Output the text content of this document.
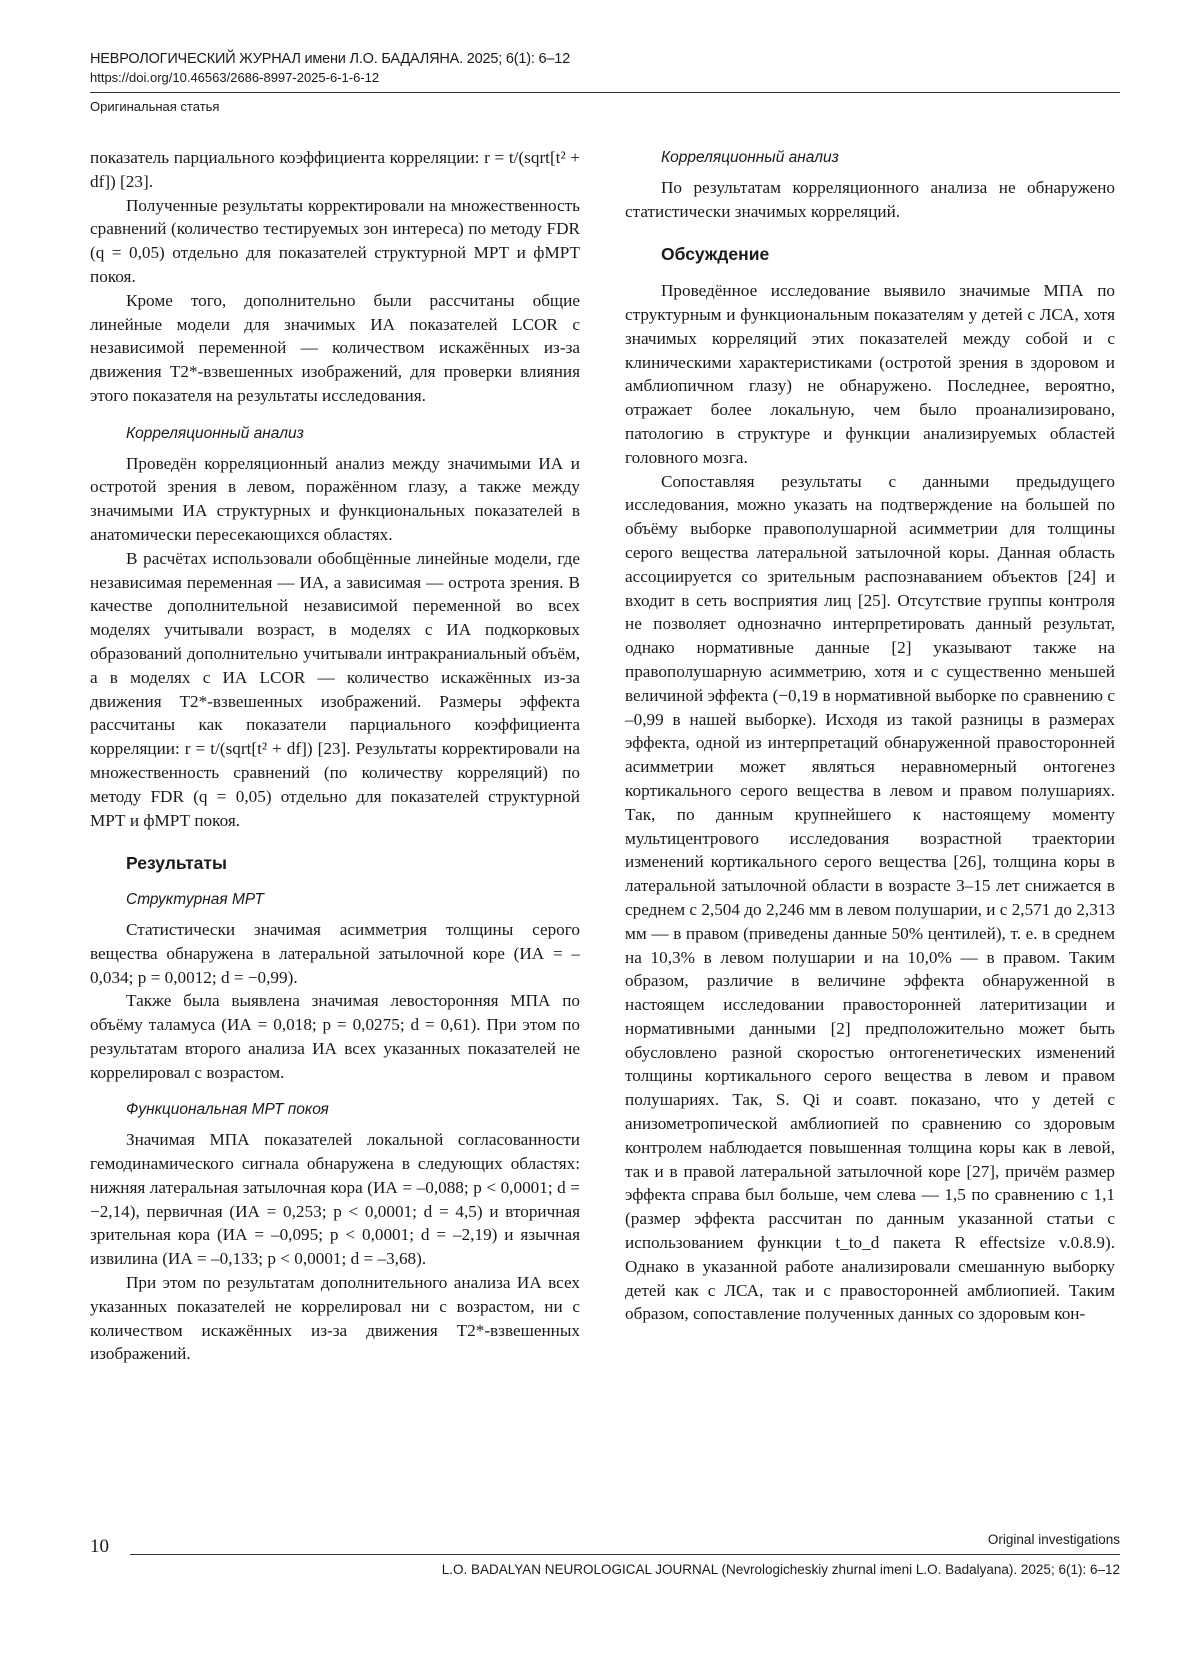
НЕВРОЛОГИЧЕСКИЙ ЖУРНАЛ имени Л.О. БАДАЛЯНА. 2025; 6(1): 6–12
https://doi.org/10.46563/2686-8997-2025-6-1-6-12
Оригинальная статья

показатель парциального коэффициента корреляции: r = t/(sqrt[t² + df]) [23].

Полученные результаты корректировали на множественность сравнений (количество тестируемых зон интереса) по методу FDR (q = 0,05) отдельно для показателей структурной МРТ и фМРТ покоя.

Кроме того, дополнительно были рассчитаны общие линейные модели для значимых ИА показателей LCOR с независимой переменной — количеством искажённых из-за движения T2*-взвешенных изображений, для проверки влияния этого показателя на результаты исследования.

Корреляционный анализ

Проведён корреляционный анализ между значимыми ИА и остротой зрения в левом, поражённом глазу, а также между значимыми ИА структурных и функциональных показателей в анатомически пересекающихся областях.

В расчётах использовали обобщённые линейные модели, где независимая переменная — ИА, а зависимая — острота зрения. В качестве дополнительной независимой переменной во всех моделях учитывали возраст, в моделях с ИА подкорковых образований дополнительно учитывали интракраниальный объём, а в моделях с ИА LCOR — количество искажённых из-за движения T2*-взвешенных изображений. Размеры эффекта рассчитаны как показатели парциального коэффициента корреляции: r = t/(sqrt[t² + df]) [23]. Результаты корректировали на множественность сравнений (по количеству корреляций) по методу FDR (q = 0,05) отдельно для показателей структурной МРТ и фМРТ покоя.

Результаты
Структурная МРТ

Статистически значимая асимметрия толщины серого вещества обнаружена в латеральной затылочной коре (ИА = –0,034; p = 0,0012; d = −0,99).

Также была выявлена значимая левосторонняя МПА по объёму таламуса (ИА = 0,018; p = 0,0275; d = 0,61). При этом по результатам второго анализа ИА всех указанных показателей не коррелировал с возрастом.

Функциональная МРТ покоя

Значимая МПА показателей локальной согласованности гемодинамического сигнала обнаружена в следующих областях: нижняя латеральная затылочная кора (ИА = –0,088; p < 0,0001; d = −2,14), первичная (ИА = 0,253; p < 0,0001; d = 4,5) и вторичная зрительная кора (ИА = –0,095; p < 0,0001; d = –2,19) и язычная извилина (ИА = –0,133; p < 0,0001; d = –3,68).

При этом по результатам дополнительного анализа ИА всех указанных показателей не коррелировал ни с возрастом, ни с количеством искажённых из-за движения T2*-взвешенных изображений.

Корреляционный анализ

По результатам корреляционного анализа не обнаружено статистически значимых корреляций.

Обсуждение

Проведённое исследование выявило значимые МПА по структурным и функциональным показателям у детей с ЛСА, хотя значимых корреляций этих показателей между собой и с клиническими характеристиками (остротой зрения в здоровом и амблиопичном глазу) не обнаружено. Последнее, вероятно, отражает более локальную, чем было проанализировано, патологию в структуре и функции анализируемых областей головного мозга.

Сопоставляя результаты с данными предыдущего исследования, можно указать на подтверждение на большей по объёму выборке правополушарной асимметрии для толщины серого вещества латеральной затылочной коры. Данная область ассоциируется со зрительным распознаванием объектов [24] и входит в сеть восприятия лиц [25]. Отсутствие группы контроля не позволяет однозначно интерпретировать данный результат, однако нормативные данные [2] указывают также на правополушарную асимметрию, хотя и с существенно меньшей величиной эффекта (−0,19 в нормативной выборке по сравнению с –0,99 в нашей выборке). Исходя из такой разницы в размерах эффекта, одной из интерпретаций обнаруженной правосторонней асимметрии может являться неравномерный онтогенез кортикального серого вещества в левом и правом полушариях. Так, по данным крупнейшего к настоящему моменту мультицентрового исследования возрастной траектории изменений кортикального серого вещества [26], толщина коры в латеральной затылочной области в возрасте 3–15 лет снижается в среднем с 2,504 до 2,246 мм в левом полушарии, и с 2,571 до 2,313 мм — в правом (приведены данные 50% центилей), т. е. в среднем на 10,3% в левом полушарии и на 10,0% — в правом. Таким образом, различие в величине эффекта обнаруженной в настоящем исследовании правосторонней латеритизации и нормативными данными [2] предположительно может быть обусловлено разной скоростью онтогенетических изменений толщины кортикального серого вещества в левом и правом полушариях. Так, S. Qi и соавт. показано, что у детей с анизометропической амблиопией по сравнению со здоровым контролем наблюдается повышенная толщина коры как в левой, так и в правой латеральной затылочной коре [27], причём размер эффекта справа был больше, чем слева — 1,5 по сравнению с 1,1 (размер эффекта рассчитан по данным указанной статьи с использованием функции t_to_d пакета R effectsize v.0.8.9). Однако в указанной работе анализировали смешанную выборку детей как с ЛСА, так и с правосторонней амблиопией. Таким образом, сопоставление полученных данных со здоровым кон-

10	Original investigations
L.O. BADALYAN NEUROLOGICAL JOURNAL (Nevrologicheskiy zhurnal imeni L.O. Badalyana). 2025; 6(1): 6–12
